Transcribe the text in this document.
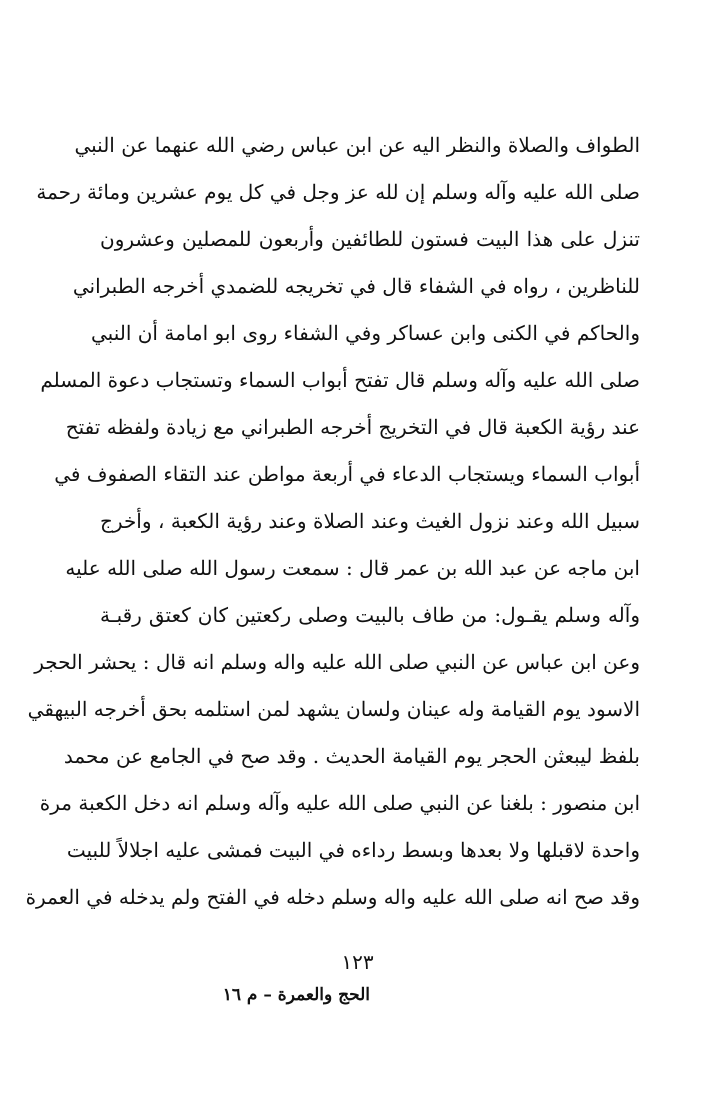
الطواف والصلاة والنظر اليه عن ابن عباس رضي الله عنهما عن النبي
صلى الله عليه وآله وسلم إن لله عز وجل في كل يوم عشرين ومائة رحمة
تنزل على هذا البيت فستون للطائفين وأربعون للمصلين وعشرون
للناظرين ، رواه في الشفاء قال في تخريجه للضمدي أخرجه الطبراني
والحاكم في الكنى وابن عساكر وفي الشفاء روى ابو امامة أن النبي
صلى الله عليه وآله وسلم قال تفتح أبواب السماء وتستجاب دعوة المسلم
عند رؤية الكعبة قال في التخريج أخرجه الطبراني مع زيادة ولفظه تفتح
أبواب السماء ويستجاب الدعاء في أربعة مواطن عند التقاء الصفوف في
سبيل الله وعند نزول الغيث وعند الصلاة وعند رؤية الكعبة ، وأخرج
ابن ماجه عن عبد الله بن عمر قال : سمعت رسول الله صلى الله عليه
وآله وسلم يقـول: من طاف بالبيت وصلى ركعتين كان كعتق رقبـة
وعن ابن عباس عن النبي صلى الله عليه واله وسلم انه قال : يحشر الحجر
الاسود يوم القيامة وله عينان ولسان يشهد لمن استلمه بحق أخرجه البيهقي
بلفظ ليبعثن الحجر يوم القيامة الحديث . وقد صح في الجامع عن محمد
ابن منصور : بلغنا عن النبي صلى الله عليه وآله وسلم انه دخل الكعبة مرة
واحدة لاقبلها ولا بعدها وبسط رداءه في البيت فمشى عليه اجلالاً للبيت
وقد صح انه صلى الله عليه واله وسلم دخله في الفتح ولم يدخله في العمرة
١٢٣
الحج والعمرة – م ١٦
